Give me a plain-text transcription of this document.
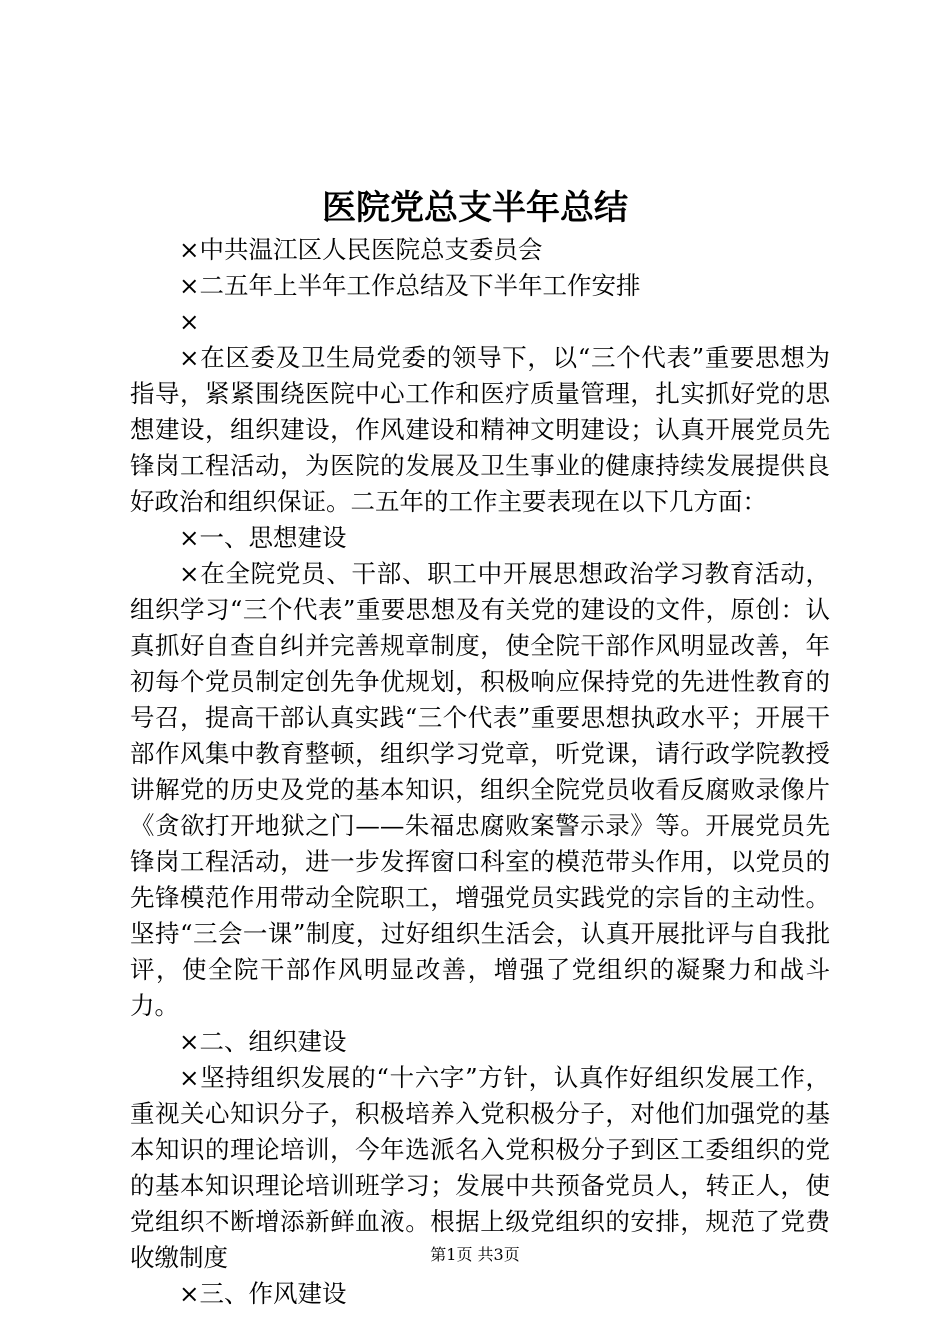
医院党总支半年总结

×中共温江区人民医院总支委员会

×二五年上半年工作总结及下半年工作安排

×

×在区委及卫生局党委的领导下，以“三个代表”重要思想为指导，紧紧围绕医院中心工作和医疗质量管理，扎实抓好党的思想建设，组织建设，作风建设和精神文明建设；认真开展党员先锋岗工程活动，为医院的发展及卫生事业的健康持续发展提供良好政治和组织保证。二五年的工作主要表现在以下几方面：

×一、思想建设

×在全院党员、干部、职工中开展思想政治学习教育活动，组织学习“三个代表”重要思想及有关党的建设的文件，原创：认真抓好自查自纠并完善规章制度，使全院干部作风明显改善，年初每个党员制定创先争优规划，积极响应保持党的先进性教育的号召，提高干部认真实践“三个代表”重要思想执政水平；开展干部作风集中教育整顿，组织学习党章，听党课，请行政学院教授讲解党的历史及党的基本知识，组织全院党员收看反腐败录像片《贪欲打开地狱之门——朱福忠腐败案警示录》等。开展党员先锋岗工程活动，进一步发挥窗口科室的模范带头作用，以党员的先锋模范作用带动全院职工，增强党员实践党的宗旨的主动性。坚持“三会一课”制度，过好组织生活会，认真开展批评与自我批评，使全院干部作风明显改善，增强了党组织的凝聚力和战斗力。

×二、组织建设

×坚持组织发展的“十六字”方针，认真作好组织发展工作，重视关心知识分子，积极培养入党积极分子，对他们加强党的基本知识的理论培训，今年选派名入党积极分子到区工委组织的党的基本知识理论培训班学习；发展中共预备党员人，转正人，使党组织不断增添新鲜血液。根据上级党组织的安排，规范了党费收缴制度

×三、作风建设

第1页 共3页
